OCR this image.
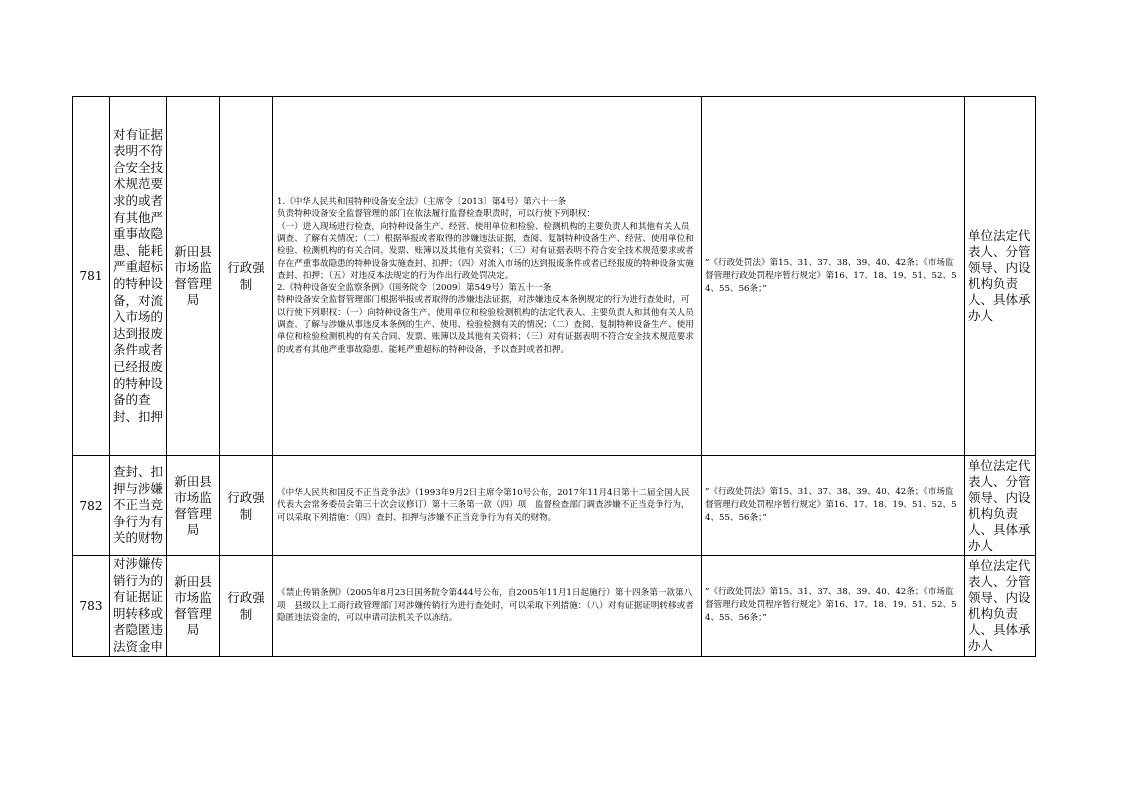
781	对有证据表明不符合安全技术规范要求的或者有其他严重事故隐患、能耗严重超标的特种设备，对流入市场的达到报废条件或者已经报废的特种设备的查封、扣押	新田县市场监督管理局	行政强制	1.《中华人民共和国特种设备安全法》（主席令〔2013〕第4号）第六十一条
负责特种设备安全监督管理的部门在依法履行监督检查职责时，可以行使下列职权：
（一）进入现场进行检查，向特种设备生产、经营、使用单位和检验、检测机构的主要负责人和其他有关人员调查、了解有关情况；（二）根据举报或者取得的涉嫌违法证据，查阅、复制特种设备生产、经营、使用单位和检验、检测机构的有关合同、发票、账簿以及其他有关资料；（三）对有证据表明不符合安全技术规范要求或者存在严重事故隐患的特种设备实施查封、扣押；（四）对流入市场的达到报废条件或者已经报废的特种设备实施查封、扣押；（五）对违反本法规定的行为作出行政处罚决定。
2.《特种设备安全监察条例》（国务院令〔2009〕第549号）第五十一条
特种设备安全监督管理部门根据举报或者取得的涉嫌违法证据，对涉嫌违反本条例规定的行为进行查处时，可以行使下列职权：（一）向特种设备生产、使用单位和检验检测机构的法定代表人、主要负责人和其他有关人员调查、了解与涉嫌从事违反本条例的生产、使用、检验检测有关的情况；（二）查阅、复制特种设备生产、使用单位和检验检测机构的有关合同、发票、账簿以及其他有关资料；（三）对有证据表明不符合安全技术规范要求的或者有其他严重事故隐患、能耗严重超标的特种设备，予以查封或者扣押。	”《行政处罚法》第15、31、37、38、39、40、42条；《市场监督管理行政处罚程序暂行规定》第16、17、18、19、51、52、54、55、56条；”	单位法定代表人、分管领导、内设机构负责人、具体承办人

782	查封、扣押与涉嫌不正当竞争行为有关的财物	新田县市场监督管理局	行政强制	《中华人民共和国反不正当竞争法》（1993年9月2日主席令第10号公布，2017年11月4日第十二届全国人民代表大会常务委员会第三十次会议修订）第十三条第一款（四）项　监督检查部门调查涉嫌不正当竞争行为，可以采取下列措施：（四）查封、扣押与涉嫌不正当竞争行为有关的财物。	”《行政处罚法》第15、31、37、38、39、40、42条；《市场监督管理行政处罚程序暂行规定》第16、17、18、19、51、52、54、55、56条；”	单位法定代表人、分管领导、内设机构负责人、具体承办人

783	对涉嫌传销行为的有证据证明转移或者隐匿违法资金申	新田县市场监督管理局	行政强制	《禁止传销条例》（2005年8月23日国务院令第444号公布，自2005年11月1日起施行）第十四条第一款第八项　县级以上工商行政管理部门对涉嫌传销行为进行查处时，可以采取下列措施：（八）对有证据证明转移或者隐匿违法资金的，可以申请司法机关予以冻结。	”《行政处罚法》第15、31、37、38、39、40、42条；《市场监督管理行政处罚程序暂行规定》第16、17、18、19、51、52、54、55、56条；”	单位法定代表人、分管领导、内设机构负责人、具体承办人
